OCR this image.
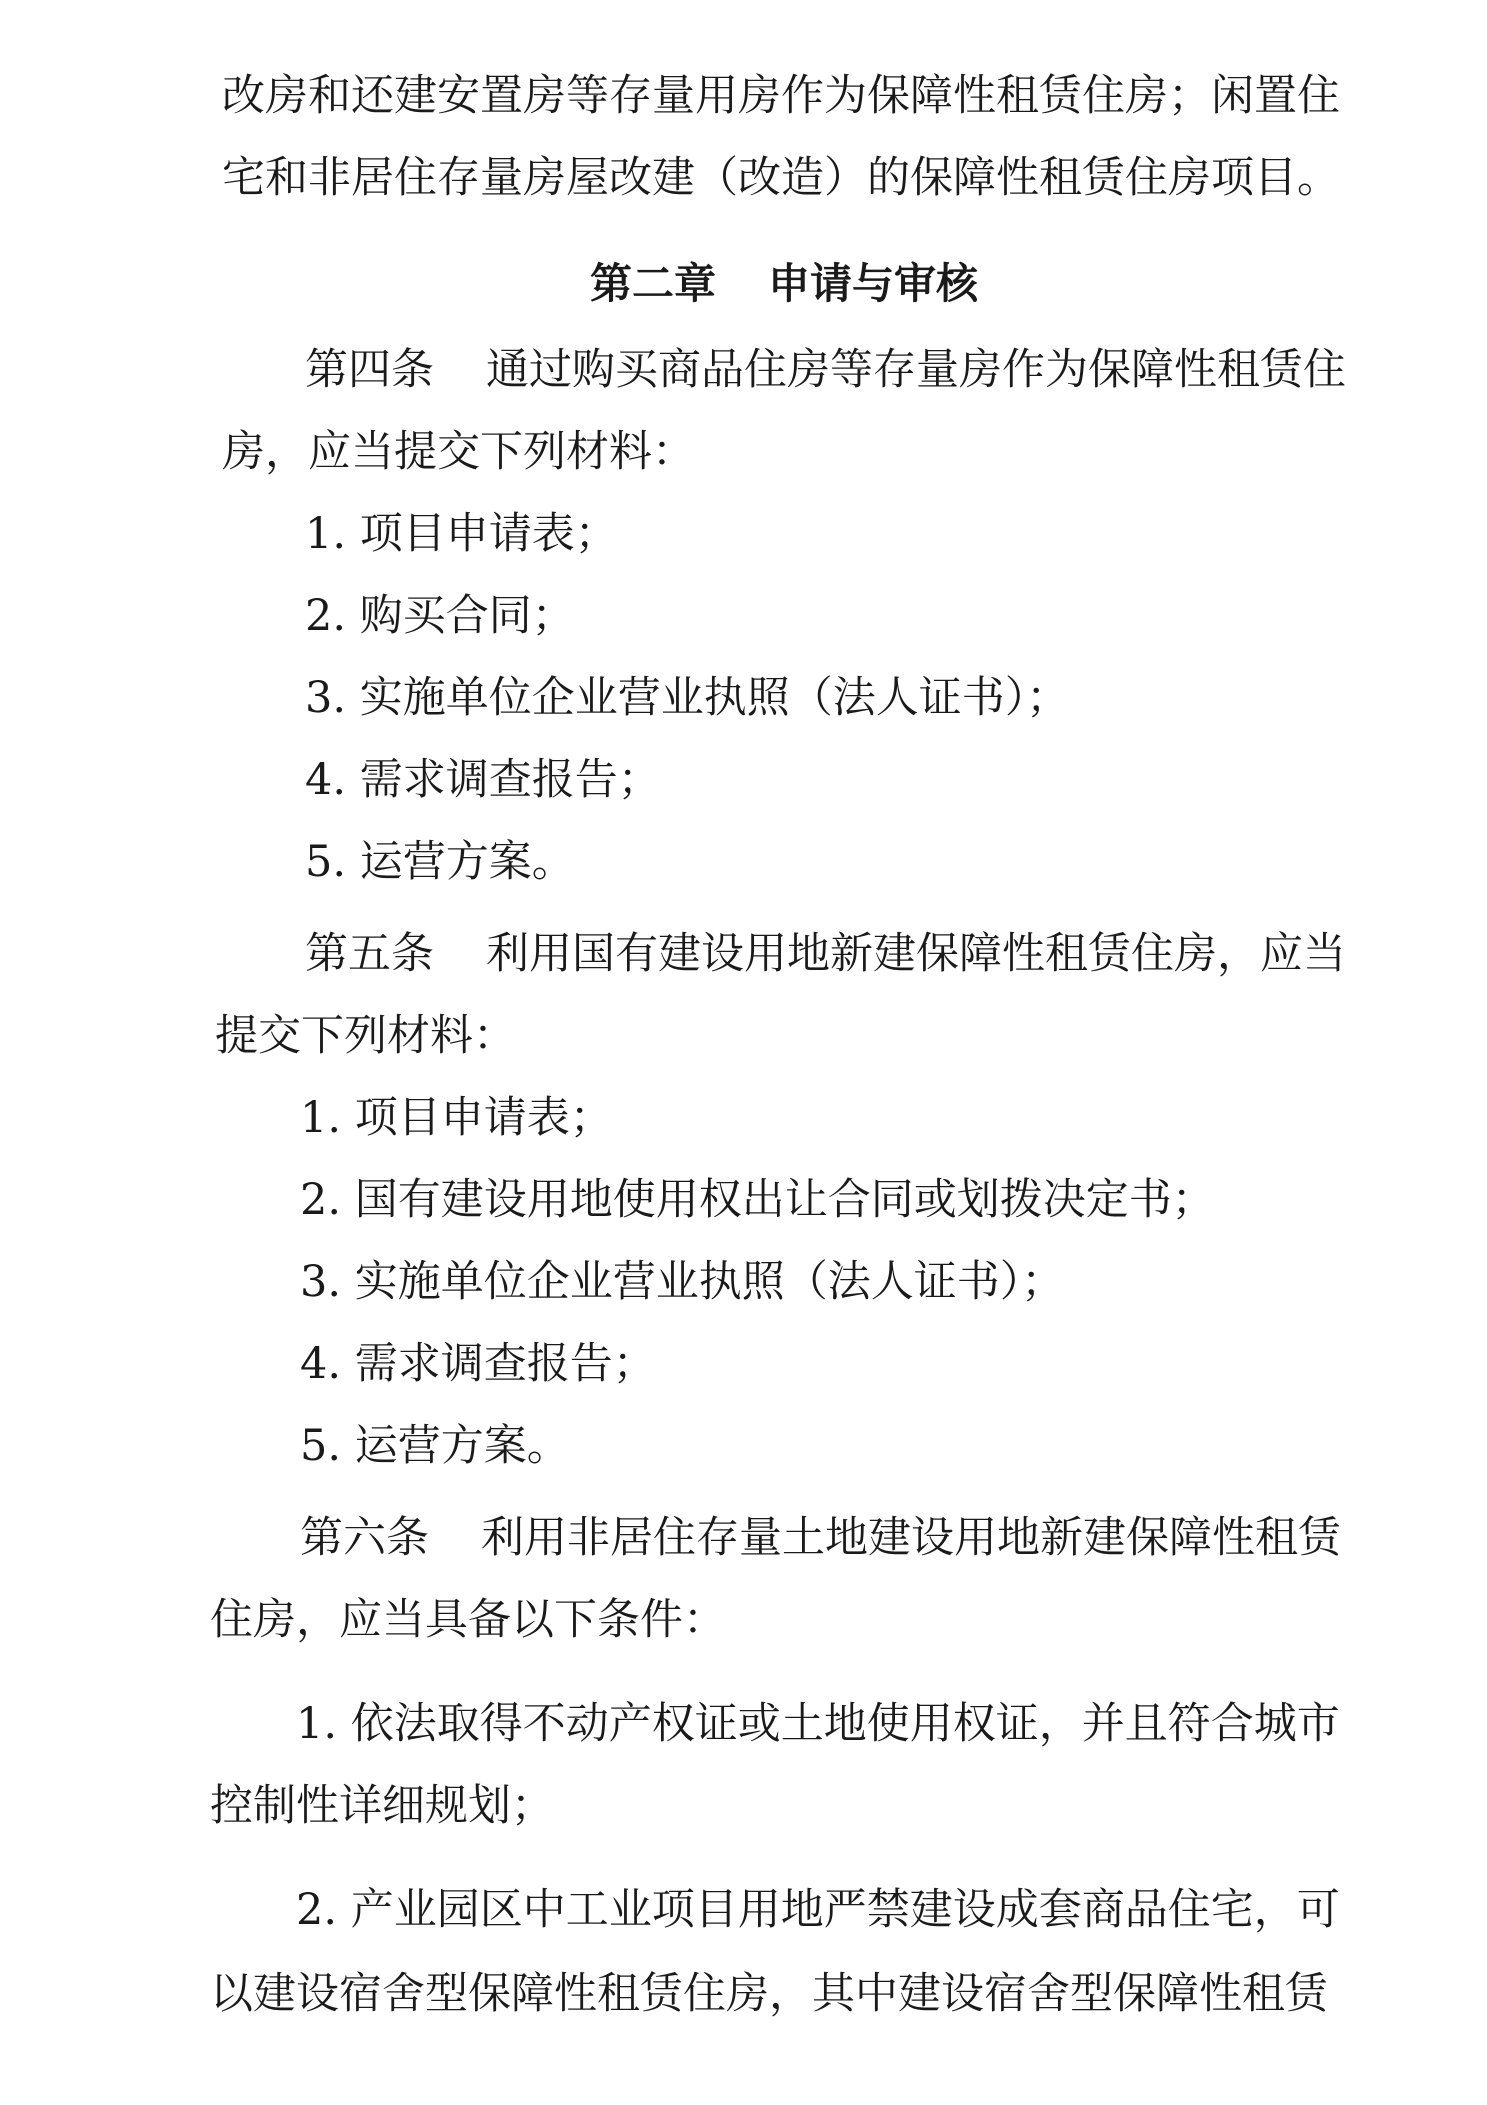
改房和还建安置房等存量用房作为保障性租赁住房；闲置住
宅和非居住存量房屋改建（改造）的保障性租赁住房项目。
第二章 申请与审核
第四条 通过购买商品住房等存量房作为保障性租赁住
房，应当提交下列材料：
1. 项目申请表；
2. 购买合同；
3. 实施单位企业营业执照（法人证书）；
4. 需求调查报告；
5. 运营方案。
第五条 利用国有建设用地新建保障性租赁住房，应当
提交下列材料：
1. 项目申请表；
2. 国有建设用地使用权出让合同或划拨决定书；
3. 实施单位企业营业执照（法人证书）；
4. 需求调查报告；
5. 运营方案。
第六条 利用非居住存量土地建设用地新建保障性租赁
住房，应当具备以下条件：
1. 依法取得不动产权证或土地使用权证，并且符合城市
控制性详细规划；
2. 产业园区中工业项目用地严禁建设成套商品住宅，可
以建设宿舍型保障性租赁住房，其中建设宿舍型保障性租赁
